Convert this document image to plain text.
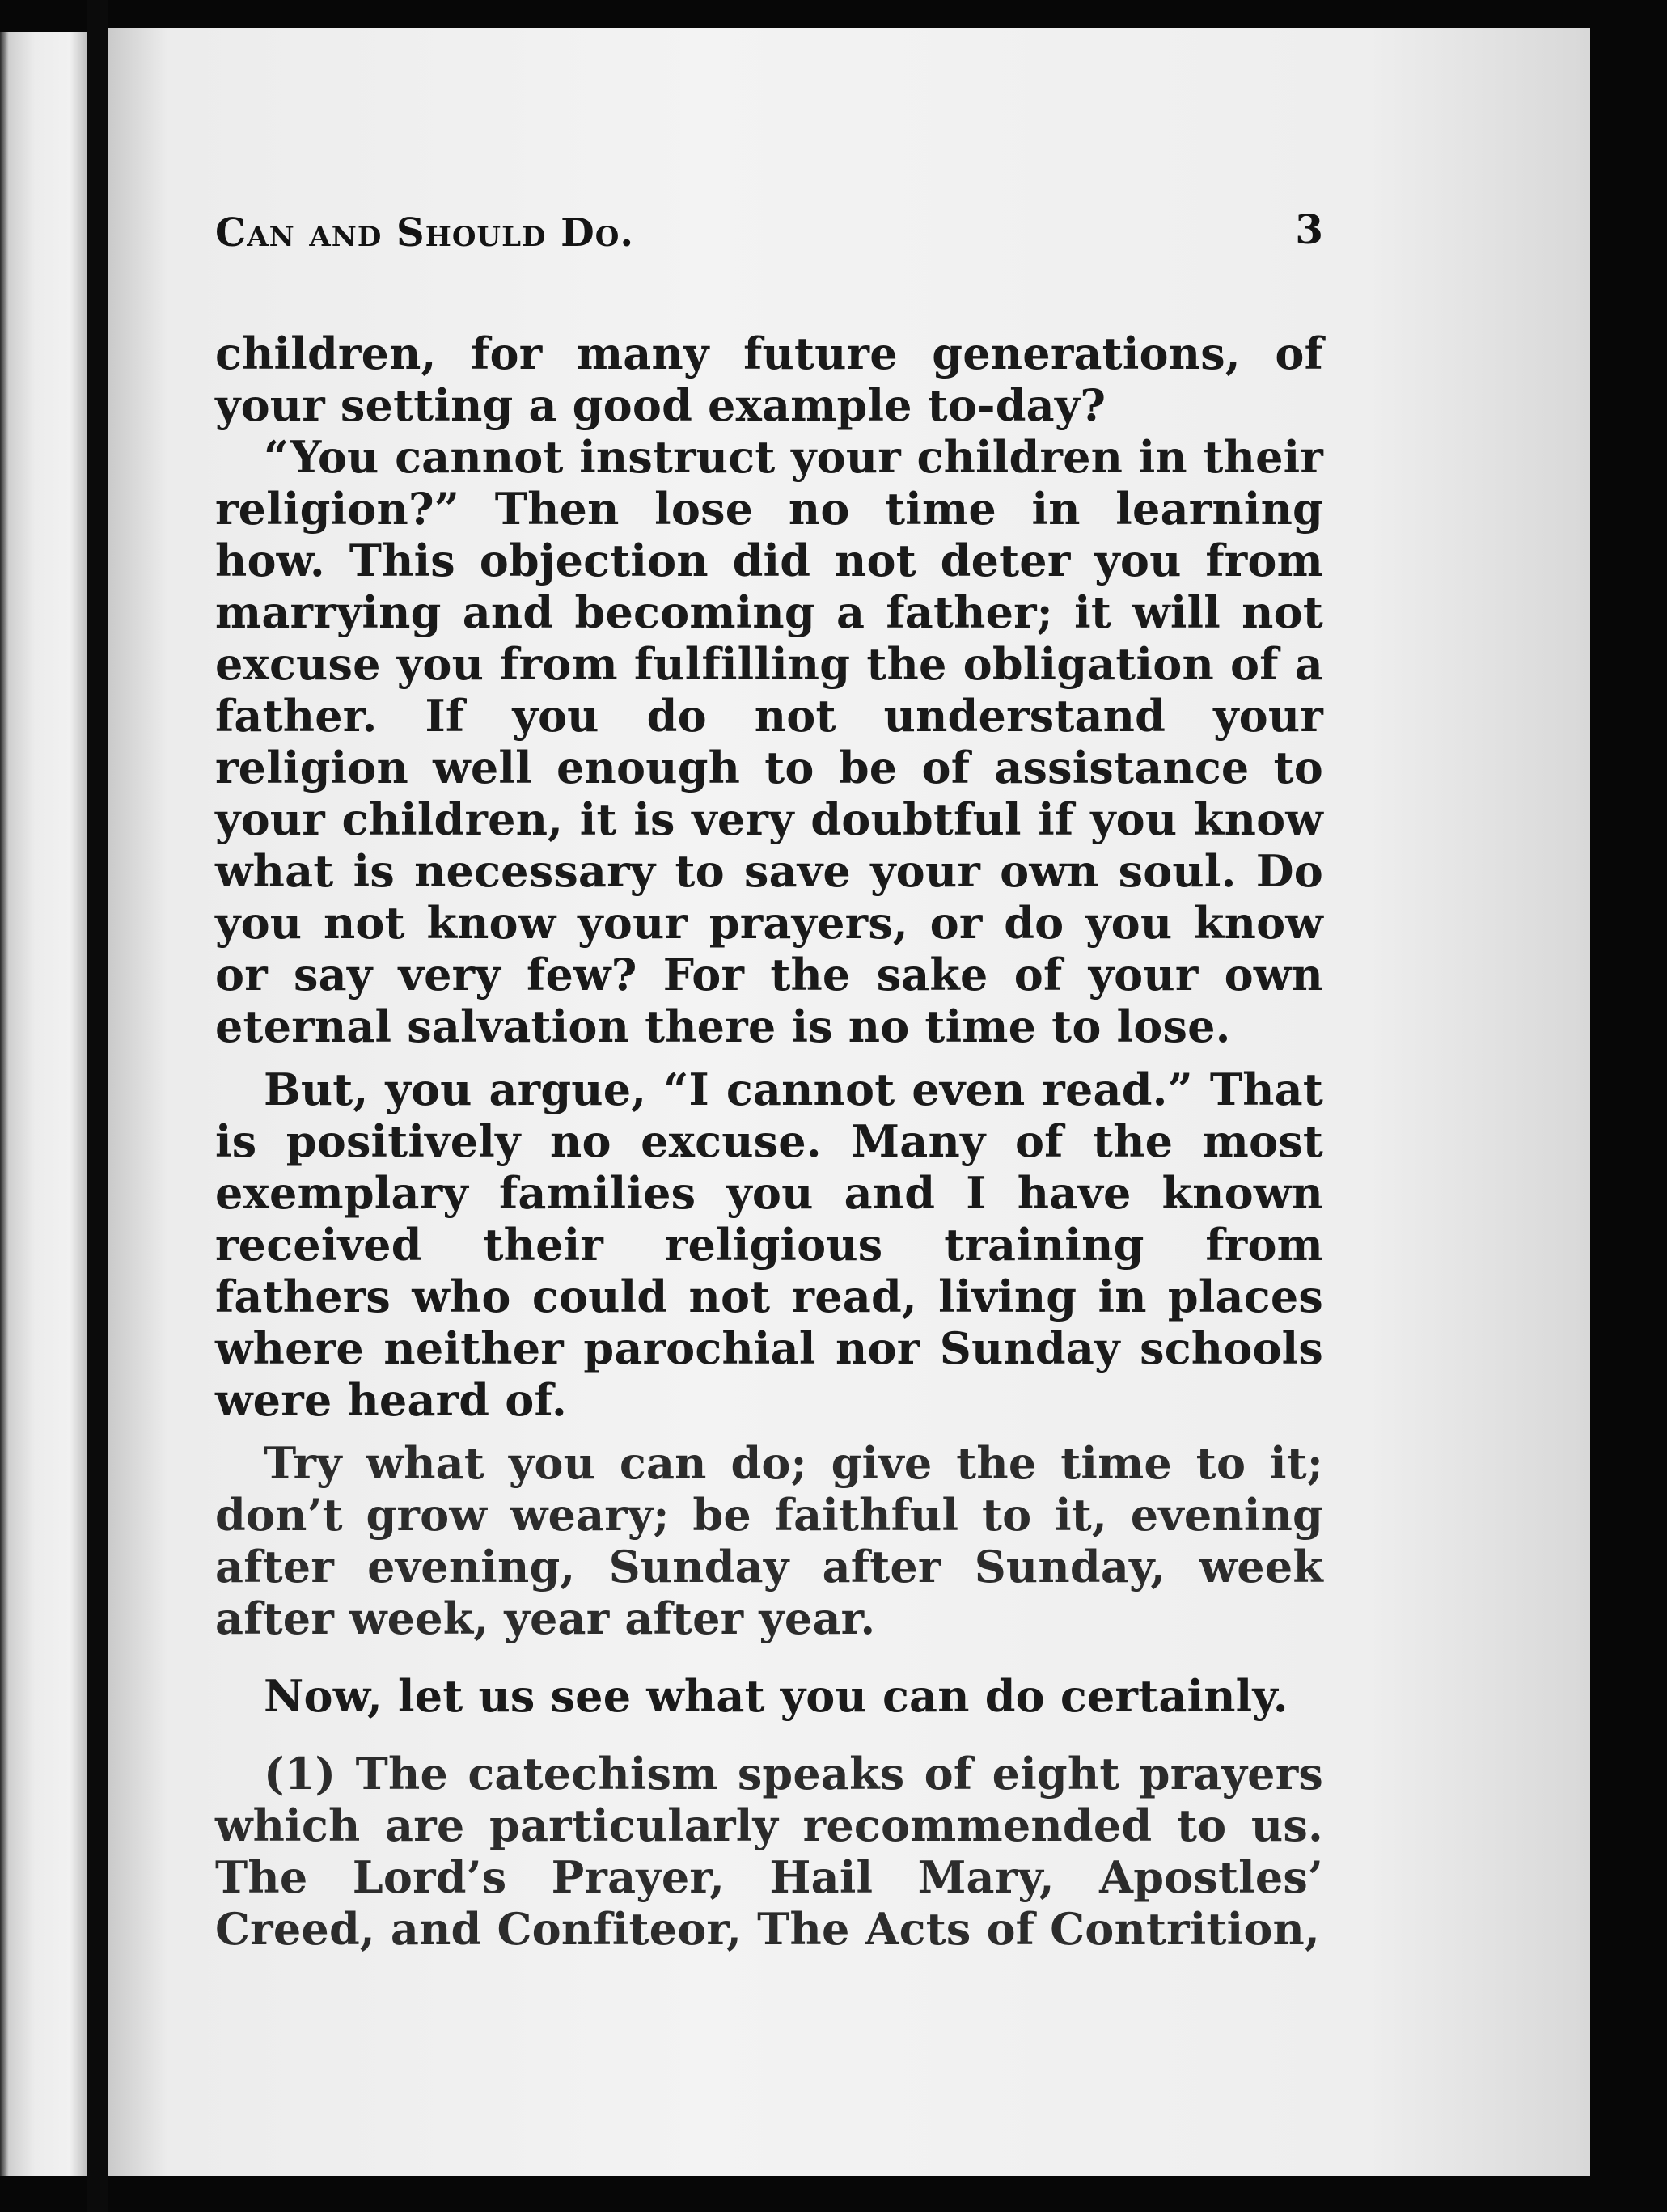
Can and Should Do.	3

children, for many future generations, of your setting a good example to-day?

“You cannot instruct your children in their religion?” Then lose no time in learning how. This objection did not deter you from marrying and becoming a father; it will not excuse you from fulfilling the obligation of a father. If you do not understand your religion well enough to be of assistance to your children, it is very doubtful if you know what is necessary to save your own soul. Do you not know your prayers, or do you know or say very few? For the sake of your own eternal salvation there is no time to lose.

But, you argue, “I cannot even read.” That is positively no excuse. Many of the most exemplary families you and I have known received their religious training from fathers who could not read, living in places where neither parochial nor Sunday schools were heard of.

Try what you can do; give the time to it; don’t grow weary; be faithful to it, evening after evening, Sunday after Sunday, week after week, year after year.

Now, let us see what you can do certainly.

(1) The catechism speaks of eight prayers which are particularly recommended to us. The Lord’s Prayer, Hail Mary, Apostles’ Creed, and Confiteor, The Acts of Contrition,
